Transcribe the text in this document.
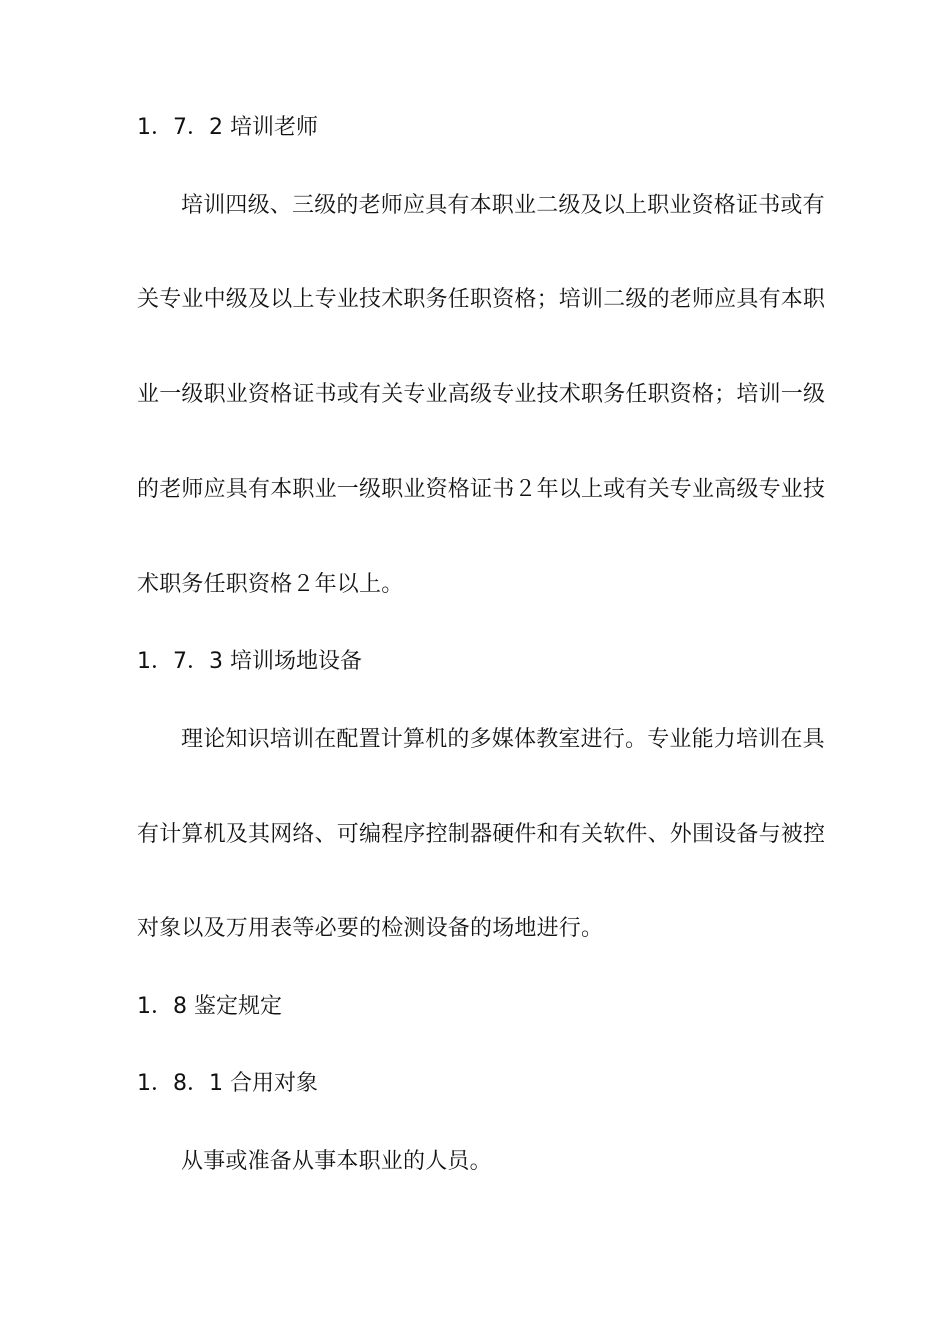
1．7．2 培训老师
培训四级、三级的老师应具有本职业二级及以上职业资格证书或有
关专业中级及以上专业技术职务任职资格；培训二级的老师应具有本职
业一级职业资格证书或有关专业高级专业技术职务任职资格；培训一级
的老师应具有本职业一级职业资格证书２年以上或有关专业高级专业技
术职务任职资格２年以上。
1．7．3 培训场地设备
理论知识培训在配置计算机的多媒体教室进行。专业能力培训在具
有计算机及其网络、可编程序控制器硬件和有关软件、外围设备与被控
对象以及万用表等必要的检测设备的场地进行。
1．8 鉴定规定
1．8．1 合用对象
从事或准备从事本职业的人员。
